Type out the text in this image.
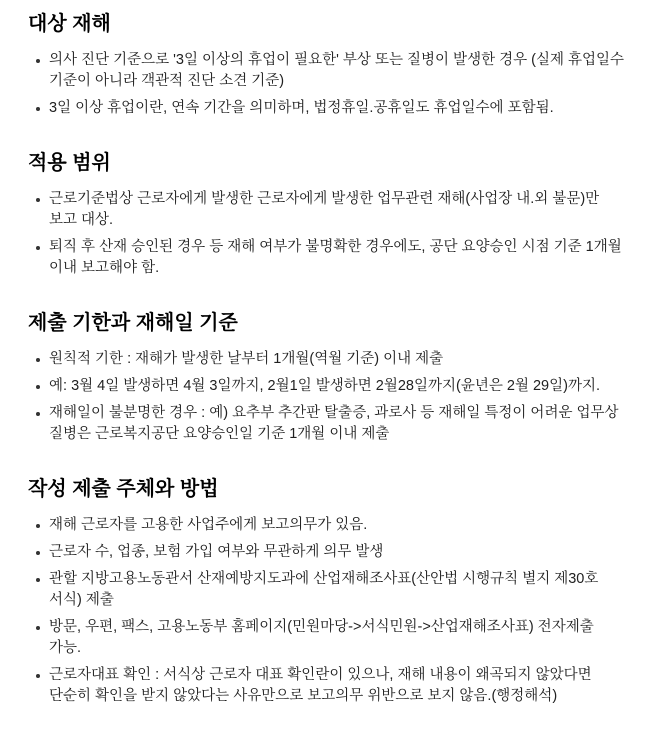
대상 재해
의사 진단 기준으로 '3일 이상의 휴업이 필요한' 부상 또는 질병이 발생한 경우 (실제 휴업일수 기준이 아니라 객관적 진단 소견 기준)
3일 이상 휴업이란, 연속 기간을 의미하며, 법정휴일.공휴일도 휴업일수에 포함됨.
적용 범위
근로기준법상 근로자에게 발생한 근로자에게 발생한 업무관련 재해(사업장 내.외 불문)만 보고 대상.
퇴직 후 산재 승인된 경우 등 재해 여부가 불명확한 경우에도, 공단 요양승인 시점 기준 1개월 이내 보고해야 함.
제출 기한과 재해일 기준
원칙적 기한 : 재해가 발생한 날부터 1개월(역월 기준) 이내 제출
예: 3월 4일 발생하면 4월 3일까지, 2월1일 발생하면 2월28일까지(윤년은 2월 29일)까지.
재해일이 불분명한 경우 : 예) 요추부 추간판 탈출증, 과로사 등 재해일 특정이 어려운 업무상 질병은 근로복지공단 요양승인일 기준 1개월 이내 제출
작성 제출 주체와 방법
재해 근로자를 고용한 사업주에게 보고의무가 있음.
근로자 수, 업종, 보험 가입 여부와 무관하게 의무 발생
관할 지방고용노동관서 산재예방지도과에 산업재해조사표(산안법 시행규칙 별지 제30호 서식) 제출
방문, 우편, 팩스, 고용노동부 홈페이지(민원마당->서식민원->산업재해조사표) 전자제출 가능.
근로자대표 확인 : 서식상 근로자 대표 확인란이 있으나, 재해 내용이 왜곡되지 않았다면 단순히 확인을 받지 않았다는 사유만으로 보고의무 위반으로 보지 않음.(행정해석)
